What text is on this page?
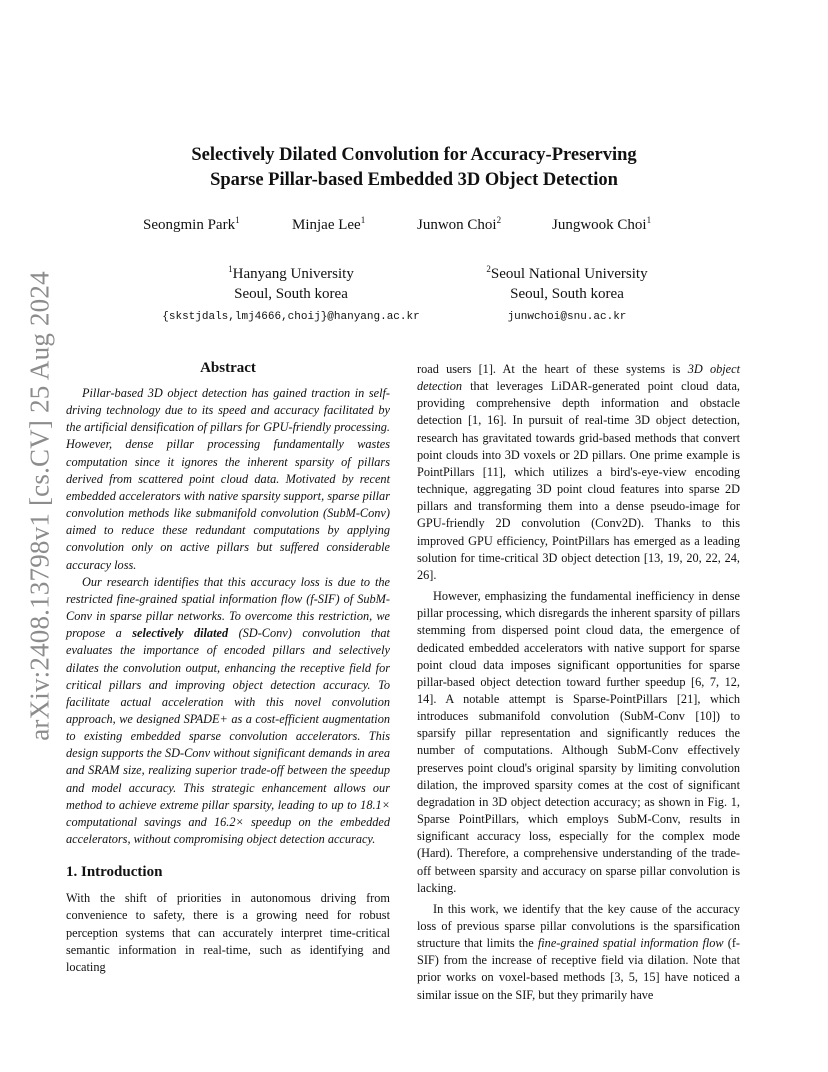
arXiv:2408.13798v1 [cs.CV] 25 Aug 2024
Selectively Dilated Convolution for Accuracy-Preserving
Sparse Pillar-based Embedded 3D Object Detection
Seongmin Park$^1$	Minjae Lee$^1$	Junwon Choi$^2$	Jungwook Choi$^1$
$^1$Hanyang University
Seoul, South korea
{skstjdals,lmj4666,choij}@hanyang.ac.kr
$^2$Seoul National University
Seoul, South korea
junwchoi@snu.ac.kr
Abstract

Pillar-based 3D object detection has gained traction in self-driving technology due to its speed and accuracy facilitated by the artificial densification of pillars for GPU-friendly processing. However, dense pillar processing fundamentally wastes computation since it ignores the inherent sparsity of pillars derived from scattered point cloud data. Motivated by recent embedded accelerators with native sparsity support, sparse pillar convolution methods like submanifold convolution (SubM-Conv) aimed to reduce these redundant computations by applying convolution only on active pillars but suffered considerable accuracy loss.

Our research identifies that this accuracy loss is due to the restricted fine-grained spatial information flow (f-SIF) of SubM-Conv in sparse pillar networks. To overcome this restriction, we propose a selectively dilated (SD-Conv) convolution that evaluates the importance of encoded pillars and selectively dilates the convolution output, enhancing the receptive field for critical pillars and improving object detection accuracy. To facilitate actual acceleration with this novel convolution approach, we designed SPADE+ as a cost-efficient augmentation to existing embedded sparse convolution accelerators. This design supports the SD-Conv without significant demands in area and SRAM size, realizing superior trade-off between the speedup and model accuracy. This strategic enhancement allows our method to achieve extreme pillar sparsity, leading to up to 18.1× computational savings and 16.2× speedup on the embedded accelerators, without compromising object detection accuracy.

1. Introduction

With the shift of priorities in autonomous driving from convenience to safety, there is a growing need for robust perception systems that can accurately interpret time-critical semantic information in real-time, such as identifying and locating

road users [1]. At the heart of these systems is 3D object detection that leverages LiDAR-generated point cloud data, providing comprehensive depth information and obstacle detection [1, 16]. In pursuit of real-time 3D object detection, research has gravitated towards grid-based methods that convert point clouds into 3D voxels or 2D pillars. One prime example is PointPillars [11], which utilizes a bird's-eye-view encoding technique, aggregating 3D point cloud features into sparse 2D pillars and transforming them into a dense pseudo-image for GPU-friendly 2D convolution (Conv2D). Thanks to this improved GPU efficiency, PointPillars has emerged as a leading solution for time-critical 3D object detection [13, 19, 20, 22, 24, 26].

However, emphasizing the fundamental inefficiency in dense pillar processing, which disregards the inherent sparsity of pillars stemming from dispersed point cloud data, the emergence of dedicated embedded accelerators with native support for sparse point cloud data imposes significant opportunities for sparse pillar-based object detection toward further speedup [6, 7, 12, 14]. A notable attempt is Sparse-PointPillars [21], which introduces submanifold convolution (SubM-Conv [10]) to sparsify pillar representation and significantly reduces the number of computations. Although SubM-Conv effectively preserves point cloud's original sparsity by limiting convolution dilation, the improved sparsity comes at the cost of significant degradation in 3D object detection accuracy; as shown in Fig. 1, Sparse PointPillars, which employs SubM-Conv, results in significant accuracy loss, especially for the complex mode (Hard). Therefore, a comprehensive understanding of the trade-off between sparsity and accuracy on sparse pillar convolution is lacking.

In this work, we identify that the key cause of the accuracy loss of previous sparse pillar convolutions is the sparsification structure that limits the fine-grained spatial information flow (f-SIF) from the increase of receptive field via dilation. Note that prior works on voxel-based methods [3, 5, 15] have noticed a similar issue on the SIF, but they primarily have
